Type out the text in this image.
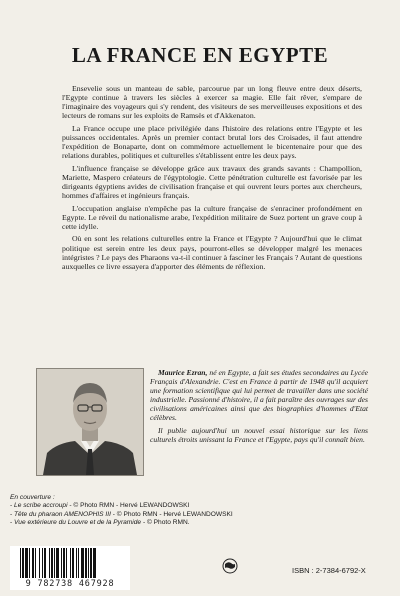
LA FRANCE EN EGYPTE

Ensevelie sous un manteau de sable, parcourue par un long fleuve entre deux déserts, l'Egypte continue à travers les siècles à exercer sa magie. Elle fait rêver, s'empare de l'imaginaire des voyageurs qui s'y rendent, des visiteurs de ses merveilleuses expositions et des lecteurs de romans sur les exploits de Ramsès et d'Akkenaton.

La France occupe une place privilégiée dans l'histoire des relations entre l'Egypte et les puissances occidentales. Après un premier contact brutal lors des Croisades, il faut attendre l'expédition de Bonaparte, dont on commémore actuellement le bicentenaire pour que des relations durables, politiques et culturelles s'établissent entre les deux pays.

L'influence française se développe grâce aux travaux des grands savants : Champollion, Mariette, Maspero créateurs de l'égyptologie. Cette pénétration culturelle est favorisée par les dirigeants égyptiens avides de civilisation française et qui ouvrent leurs portes aux chercheurs, hommes d'affaires et ingénieurs français.

L'occupation anglaise n'empêche pas la culture française de s'enraciner profondément en Egypte. Le réveil du nationalisme arabe, l'expédition militaire de Suez portent un grave coup à cette idylle.

Où en sont les relations culturelles entre la France et l'Egypte ? Aujourd'hui que le climat politique est serein entre les deux pays, pourront-elles se développer malgré les menaces intégristes ? Le pays des Pharaons va-t-il continuer à fasciner les Français ? Autant de questions auxquelles ce livre essayera d'apporter des éléments de réflexion.

Maurice Ezran, né en Egypte, a fait ses études secondaires au Lycée Français d'Alexandrie. C'est en France à partir de 1948 qu'il acquiert une formation scientifique qui lui permet de travailler dans une société industrielle. Passionné d'histoire, il a fait paraître des ouvrages sur des civilisations américaines ainsi que des biographies d'hommes d'Etat célèbres.

Il publie aujourd'hui un nouvel essai historique sur les liens culturels étroits unissant la France et l'Egypte, pays qu'il connaît bien.

En couverture :
- Le scribe accroupi - © Photo RMN - Hervé LEWANDOWSKI
- Tête du pharaon AMENOPHIS III - © Photo RMN - Hervé LEWANDOWSKI
- Vue extérieure du Louvre et de la Pyramide - © Photo RMN.
9 782738 467928
ISBN : 2-7384-6792-X
